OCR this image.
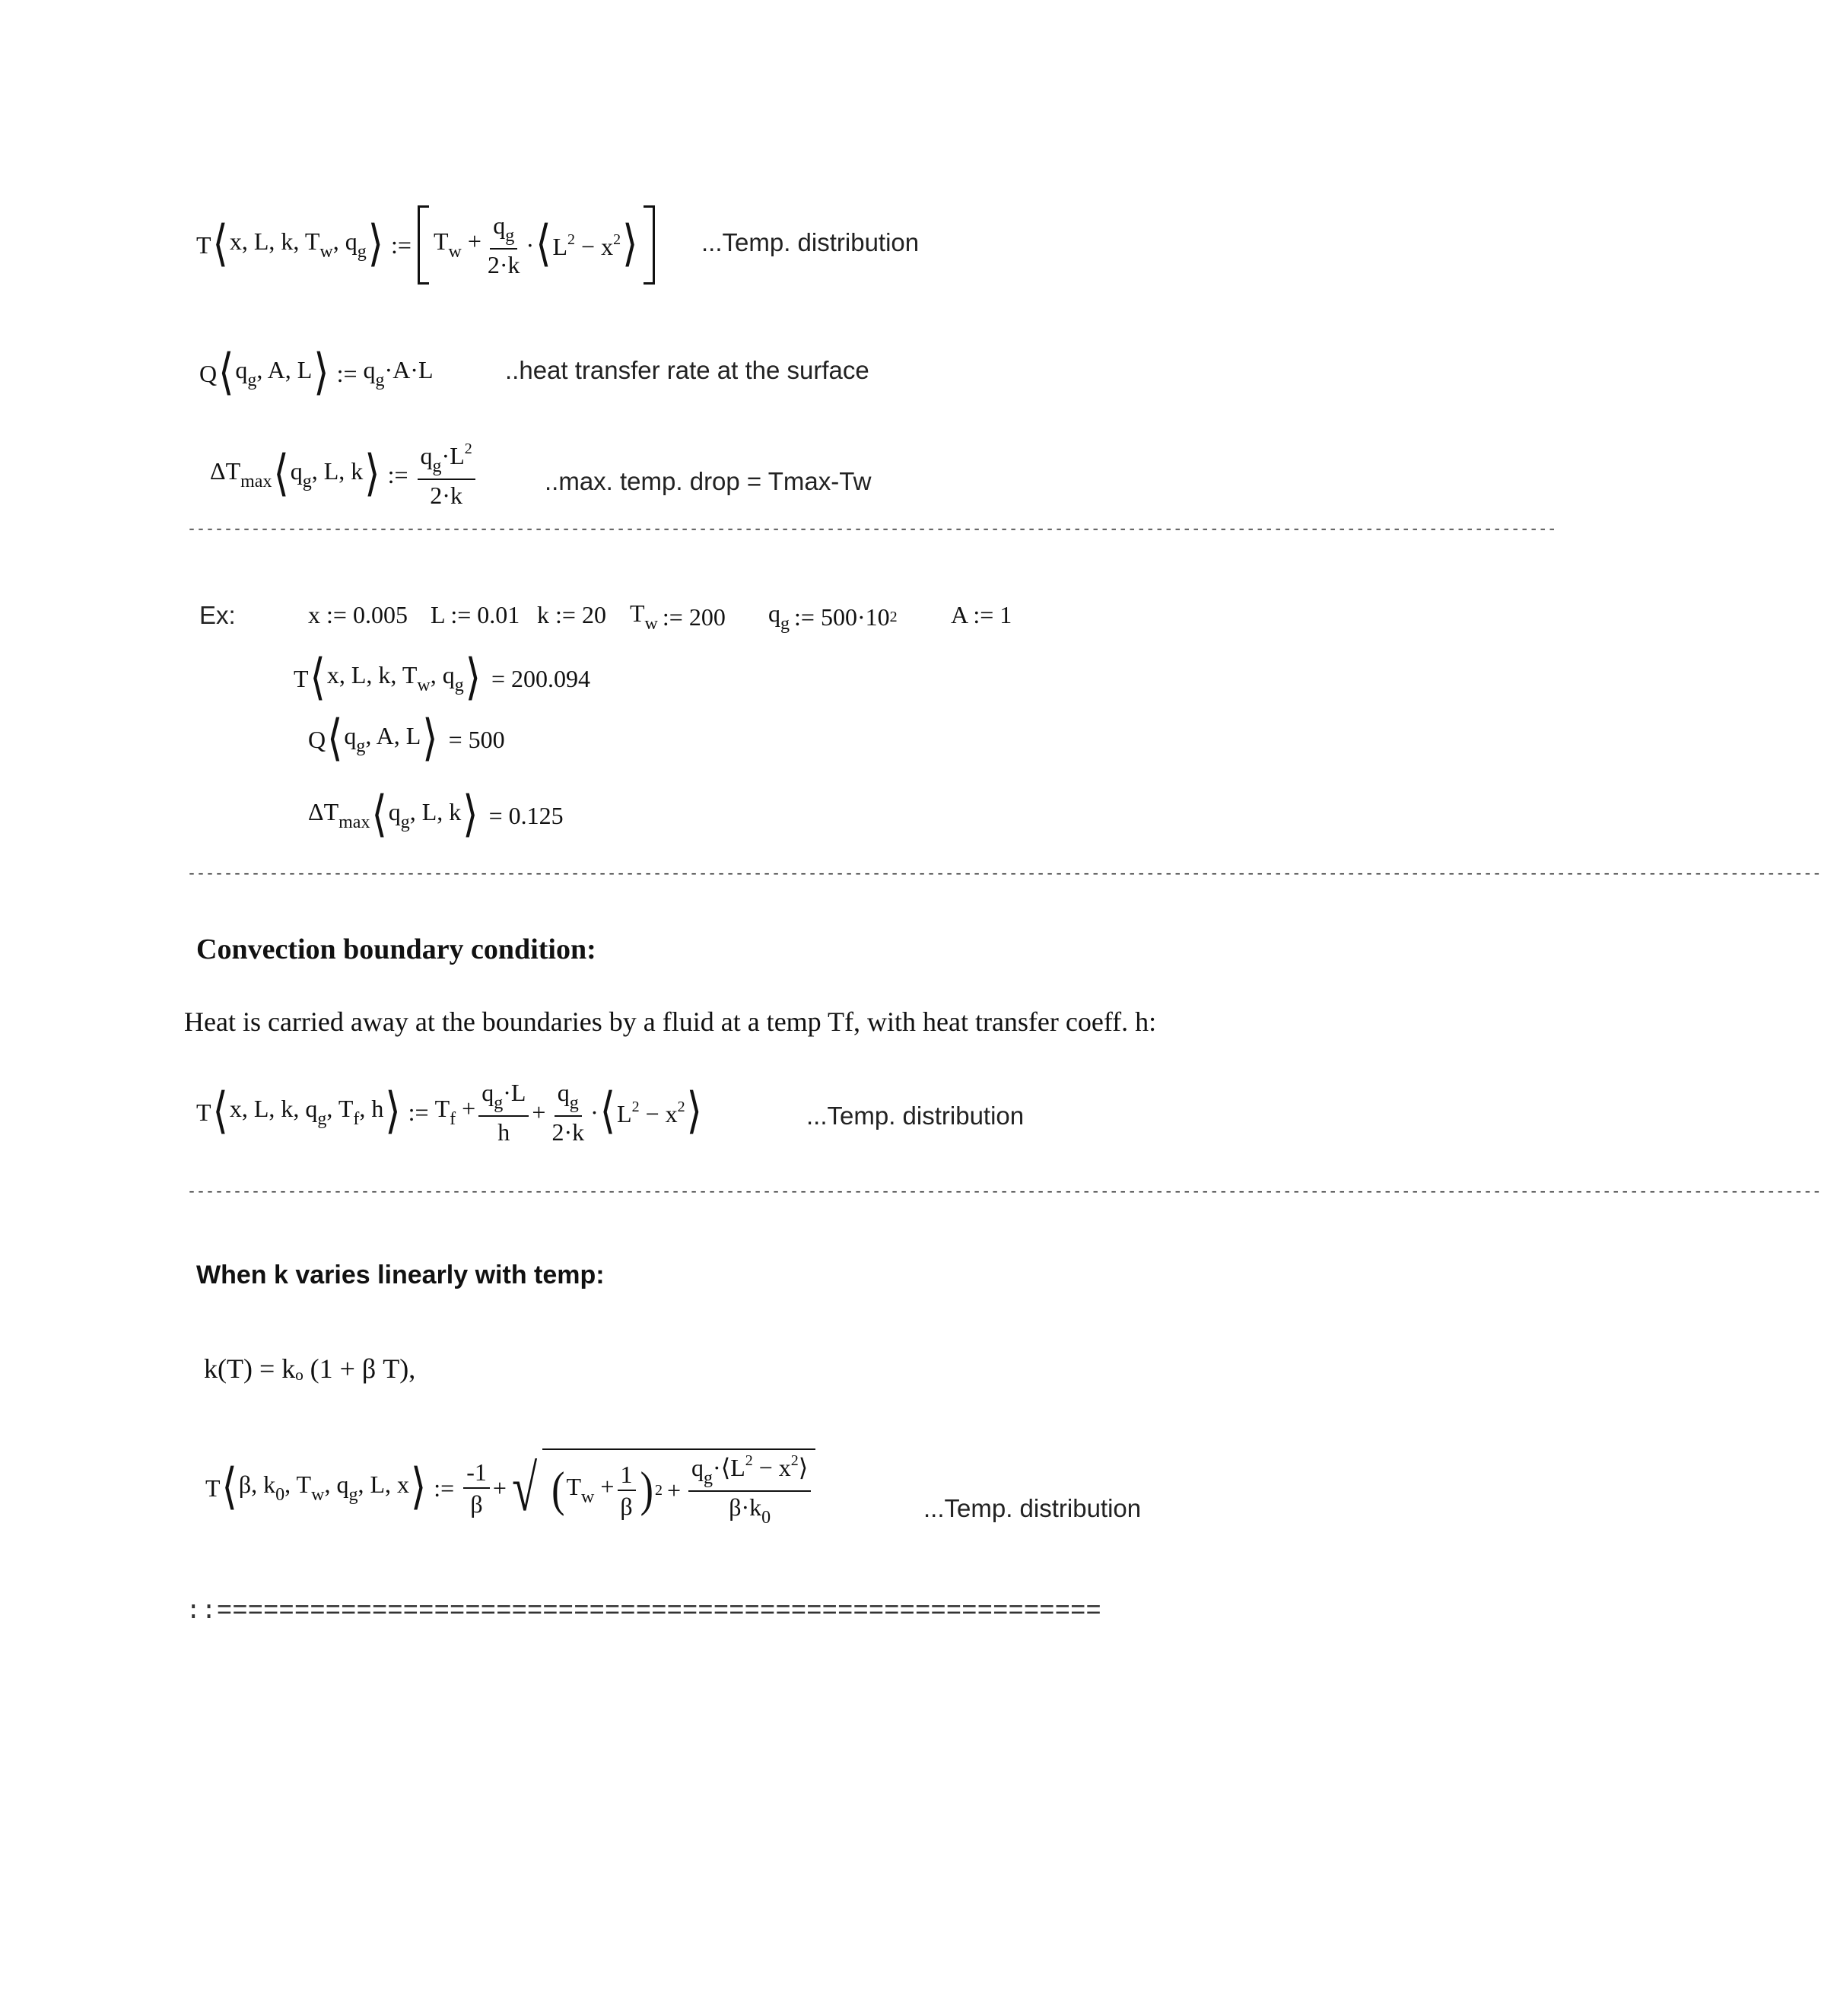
T ⟨ x, L, k, $T_w$, $q_g$ ⟩ := $T_w + \frac{q_g}{2\cdot k}$ · ⟨ $L^2 - x^2$ ⟩	...Temp. distribution
Q ⟨ $q_g$, A, L ⟩ := $q_g\cdot A\cdot L$	..heat transfer rate at the surface
$\Delta T_{max}$ ⟨ $q_g$, L, k ⟩ := $\frac{q_g\cdot L^2}{2\cdot k}$	..max. temp. drop = Tmax-Tw
------------------------------------------------------------------------------------------------------------------------------------------------------
Ex:	x := 0.005 L := 0.01 k := 20 $T_w$ := 200 $q_g$ := 500·10 2 A := 1
T ⟨ x, L, k, $T_w$, $q_g$ ⟩ = 200.094
Q ⟨ $q_g$, A, L ⟩ = 500
$\Delta T_{max}$ ⟨ $q_g$, L, k ⟩ = 0.125
-----------------------------------------------------------------------------------------------------------------------------------------------------------------------------------
Convection boundary condition:
Heat is carried away at the boundaries by a fluid at a temp Tf, with heat transfer coeff. h:
T ⟨ x, L, k, $q_g$, $T_f$, h ⟩ := $T_f + \frac{q_g\cdot L}{h} + \frac{q_g}{2\cdot k}$ · ⟨ $L^2 - x^2$ ⟩	...Temp. distribution
-----------------------------------------------------------------------------------------------------------------------------------------------------------------------------------
When k varies linearly with temp:
k(T) = kₒ (1 + β T),
T ⟨ β, $k_0$, $T_w$, $q_g$, L, x ⟩ := $\frac{-1}{\beta}$ + √ ( $T_w + \frac{1}{\beta}$ ) $2 + \frac{q_g\cdot⟨L^2 - x^2⟩}{\beta\cdot k_0}$	...Temp. distribution
::=========================================================
